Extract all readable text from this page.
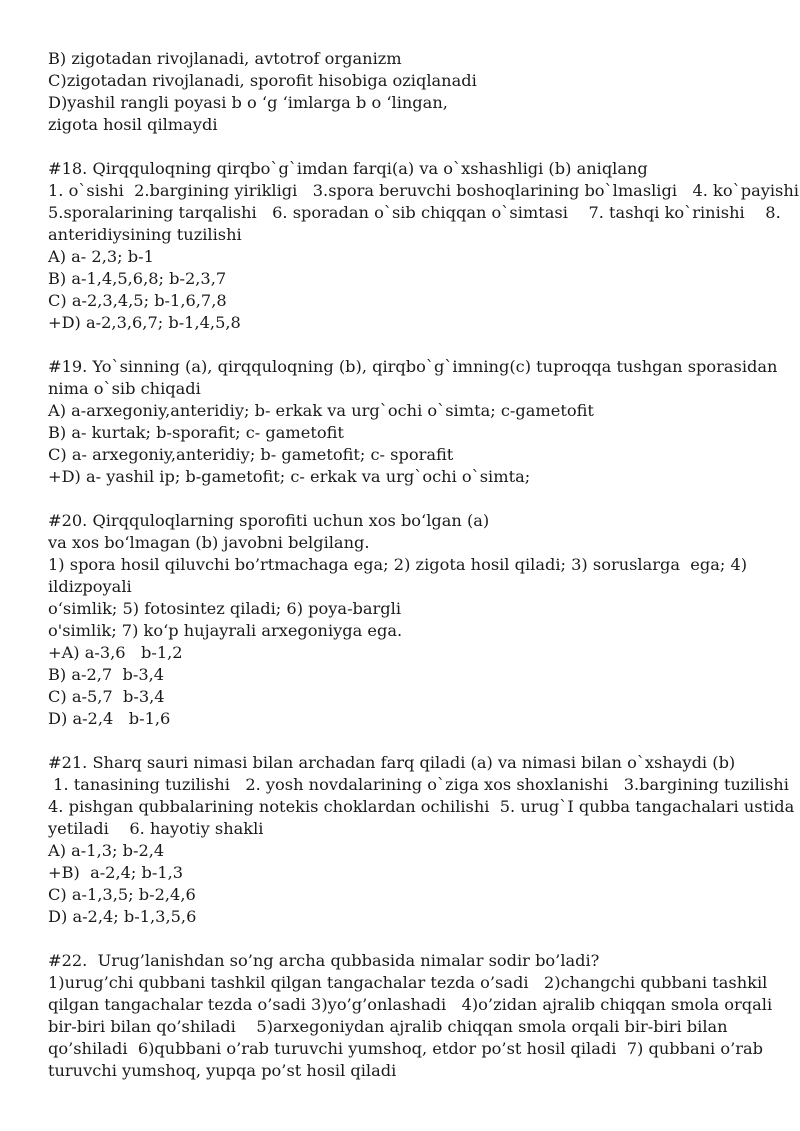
B) zigotadan rivojlanadi, avtotrof organizm
C)zigotadan rivojlanadi, sporofit hisobiga oziqlanadi
D)yashil rangli poyasi b o ‘g ‘imlarga b o ‘lingan,
zigota hosil qilmaydi
#18. Qirqquloqning qirqbo`g`imdan farqi(a) va o`xshashligi (b) aniqlang
1. o`sishi  2.bargining yirikligi   3.spora beruvchi boshoqlarining bo`lmasligi   4. ko`payishi
5.sporalarining tarqalishi   6. sporadan o`sib chiqqan o`simtasi    7. tashqi ko`rinishi    8.
anteridiysining tuzilishi
A) a- 2,3; b-1
B) a-1,4,5,6,8; b-2,3,7
C) a-2,3,4,5; b-1,6,7,8
+D) a-2,3,6,7; b-1,4,5,8
#19. Yo`sinning (a), qirqquloqning (b), qirqbo`g`imning(c) tuproqqa tushgan sporasidan
nima o`sib chiqadi
A) a-arxegoniy,anteridiy; b- erkak va urg`ochi o`simta; c-gametofit
B) a- kurtak; b-sporafit; c- gametofit
C) a- arxegoniy,anteridiy; b- gametofit; c- sporafit
+D) a- yashil ip; b-gametofit; c- erkak va urg`ochi o`simta;
#20. Qirqquloqlarning sporofiti uchun xos bo‘lgan (a)
va xos bo‘lmagan (b) javobni belgilang.
1) spora hosil qiluvchi bo’rtmachaga ega; 2) zigota hosil qiladi; 3) soruslarga  ega; 4)
ildizpoyali
o‘simlik; 5) fotosintez qiladi; 6) poya-bargli
o'simlik; 7) ko‘p hujayrali arxegoniyga ega.
+A) a-3,6   b-1,2
B) a-2,7  b-3,4
C) a-5,7  b-3,4
D) a-2,4   b-1,6
#21. Sharq sauri nimasi bilan archadan farq qiladi (a) va nimasi bilan o`xshaydi (b)
1. tanasining tuzilishi   2. yosh novdalarining o`ziga xos shoxlanishi   3.bargining tuzilishi
4. pishgan qubbalarining notekis choklardan ochilishi  5. urug`I qubba tangachalari ustida
yetiladi    6. hayotiy shakli
A) a-1,3; b-2,4
+B)  a-2,4; b-1,3
C) a-1,3,5; b-2,4,6
D) a-2,4; b-1,3,5,6
#22.  Urug’lanishdan so’ng archa qubbasida nimalar sodir bo’ladi?
1)urug’chi qubbani tashkil qilgan tangachalar tezda o’sadi   2)changchi qubbani tashkil
qilgan tangachalar tezda o’sadi 3)yo’g’onlashadi   4)o’zidan ajralib chiqqan smola orqali
bir-biri bilan qo’shiladi    5)arxegoniydan ajralib chiqqan smola orqali bir-biri bilan
qo’shiladi  6)qubbani o’rab turuvchi yumshoq, etdor po’st hosil qiladi  7) qubbani o’rab
turuvchi yumshoq, yupqa po’st hosil qiladi
